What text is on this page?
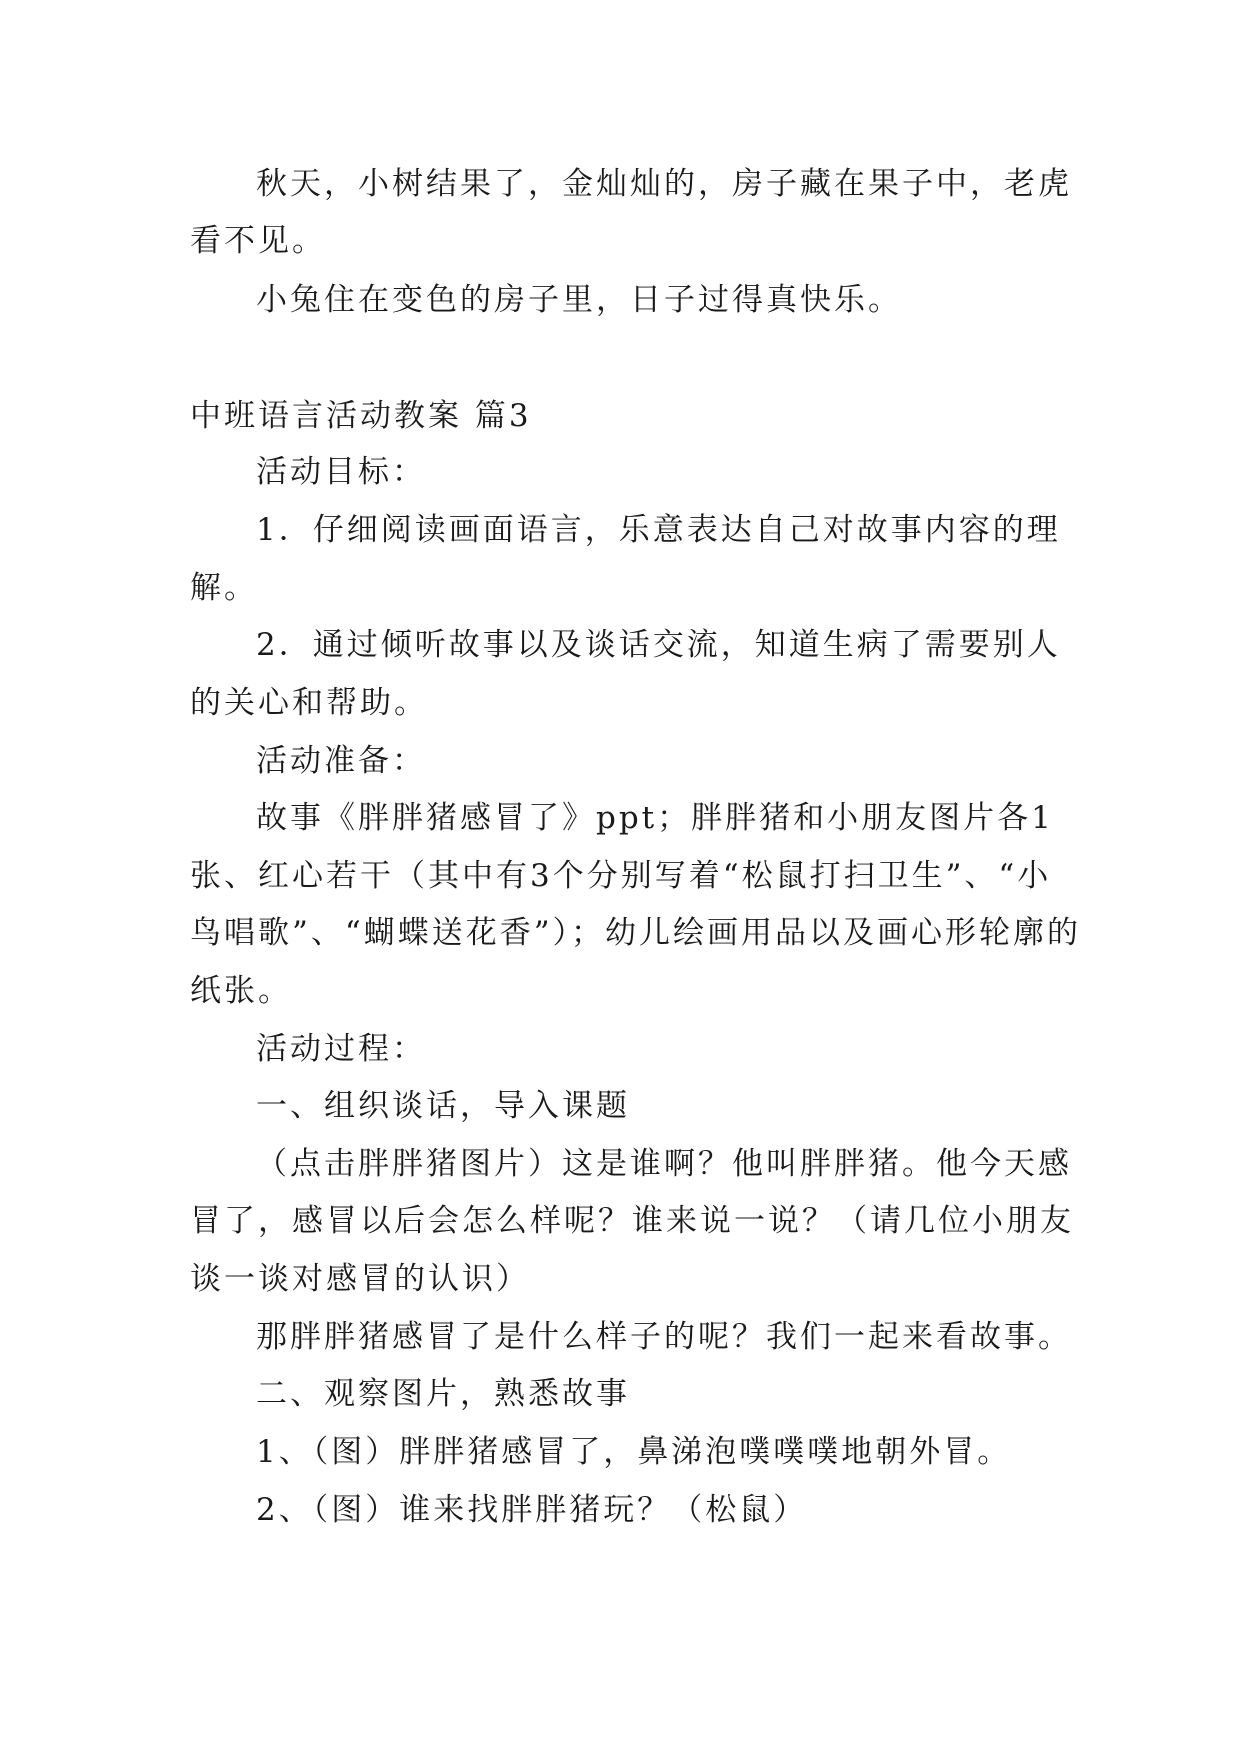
秋天，小树结果了，金灿灿的，房子藏在果子中，老虎

看不见。

小兔住在变色的房子里，日子过得真快乐。

中班语言活动教案 篇3

活动目标：

1．仔细阅读画面语言，乐意表达自己对故事内容的理

解。

2．通过倾听故事以及谈话交流，知道生病了需要别人

的关心和帮助。

活动准备：

故事《胖胖猪感冒了》ppt；胖胖猪和小朋友图片各1

张、红心若干（其中有3个分别写着“松鼠打扫卫生”、“小

鸟唱歌”、“蝴蝶送花香”）；幼儿绘画用品以及画心形轮廓的

纸张。

活动过程：

一、组织谈话，导入课题

（点击胖胖猪图片）这是谁啊？他叫胖胖猪。他今天感

冒了，感冒以后会怎么样呢？谁来说一说？（请几位小朋友

谈一谈对感冒的认识）

那胖胖猪感冒了是什么样子的呢？我们一起来看故事。

二、观察图片，熟悉故事

1、（图）胖胖猪感冒了，鼻涕泡噗噗噗地朝外冒。

2、（图）谁来找胖胖猪玩？（松鼠）
